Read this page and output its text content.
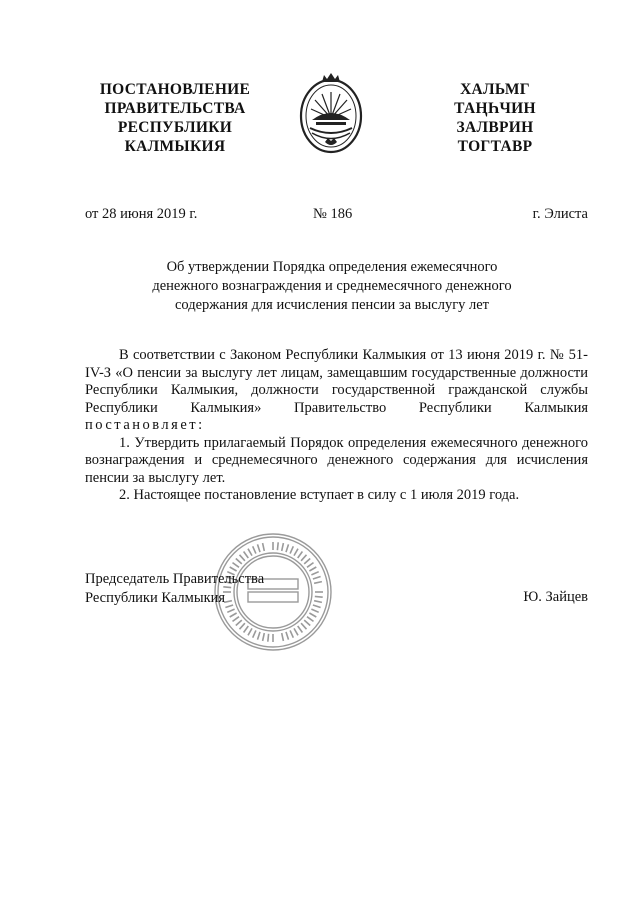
ПОСТАНОВЛЕНИЕ
ПРАВИТЕЛЬСТВА
РЕСПУБЛИКИ
КАЛМЫКИЯ
ХАЛЬМГ
ТАҢҺЧИН
ЗАЛВРИН
ТОГТАВР
от 28 июня 2019 г.	№ 186	г. Элиста
Об утверждении Порядка определения ежемесячного
денежного вознаграждения и среднемесячного денежного
содержания для исчисления пенсии за выслугу лет

В соответствии с Законом Республики Калмыкия от 13 июня 2019 г. № 51-IV-З «О пенсии за выслугу лет лицам, замещавшим государственные должности Республики Калмыкия, должности государственной гражданской службы Республики Калмыкия» Правительство Республики Калмыкия постановляет:

1. Утвердить прилагаемый Порядок определения ежемесячного денежного вознаграждения и среднемесячного денежного содержания для исчисления пенсии за выслугу лет.

2. Настоящее постановление вступает в силу с 1 июля 2019 года.

Председатель Правительства
Республики Калмыкия	Ю. Зайцев
